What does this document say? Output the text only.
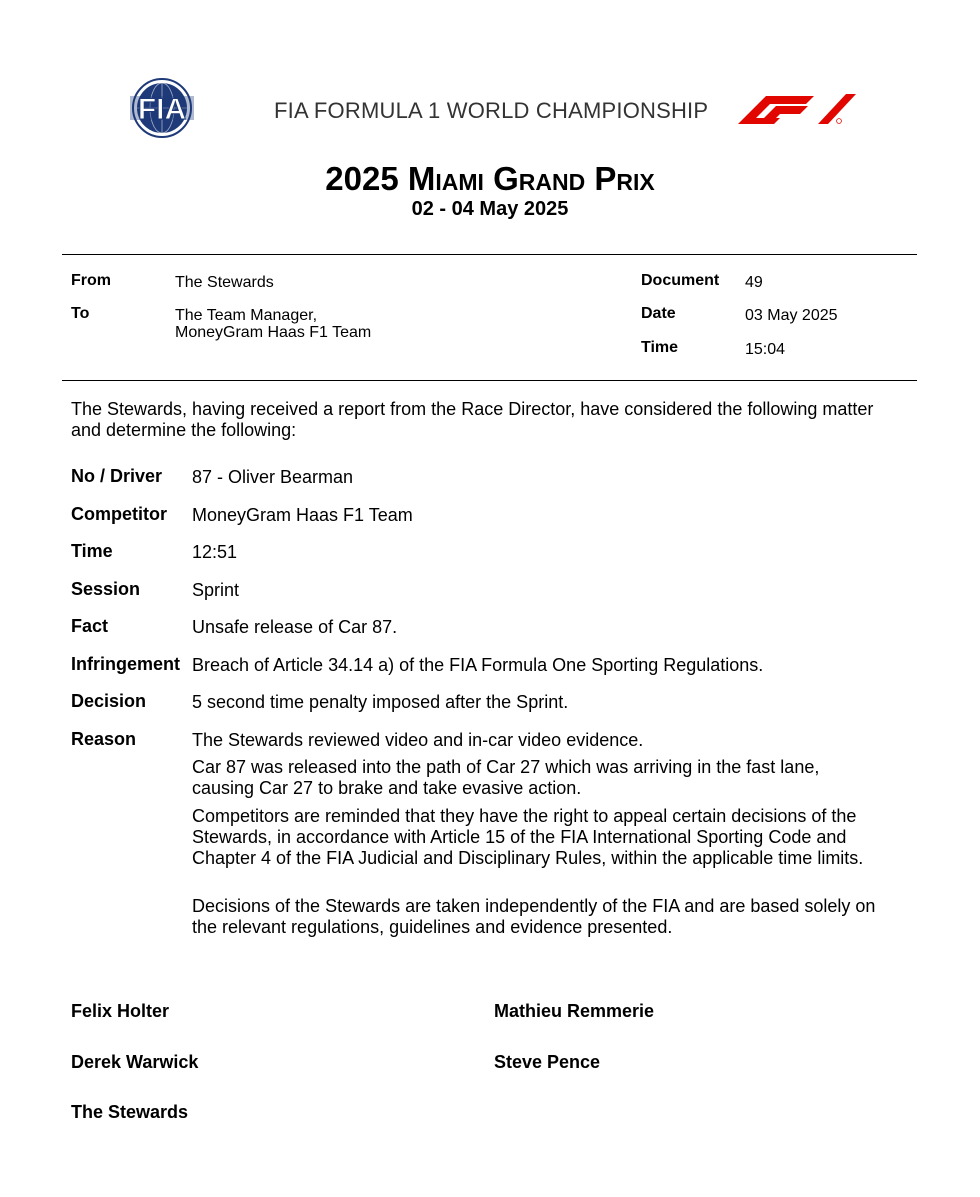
FIA	FIA FORMULA 1 WORLD CHAMPIONSHIP
2025 Miami Grand Prix
02 - 04 May 2025
From	The Stewards
To	The Team Manager,
MoneyGram Haas F1 Team
Document 49
Date	03 May 2025
Time	15:04
The Stewards, having received a report from the Race Director, have considered the following matter and determine the following:
No / Driver 87 - Oliver Bearman
Competitor MoneyGram Haas F1 Team
Time	12:51
Session	Sprint
Fact	Unsafe release of Car 87.
Infringement Breach of Article 34.14 a) of the FIA Formula One Sporting Regulations.
Decision	5 second time penalty imposed after the Sprint.
Reason	The Stewards reviewed video and in-car video evidence.
Car 87 was released into the path of Car 27 which was arriving in the fast lane, causing Car 27 to brake and take evasive action.
Competitors are reminded that they have the right to appeal certain decisions of the Stewards, in accordance with Article 15 of the FIA International Sporting Code and Chapter 4 of the FIA Judicial and Disciplinary Rules, within the applicable time limits.
Decisions of the Stewards are taken independently of the FIA and are based solely on the relevant regulations, guidelines and evidence presented.
Felix Holter	Mathieu Remmerie
Derek Warwick	Steve Pence
The Stewards
